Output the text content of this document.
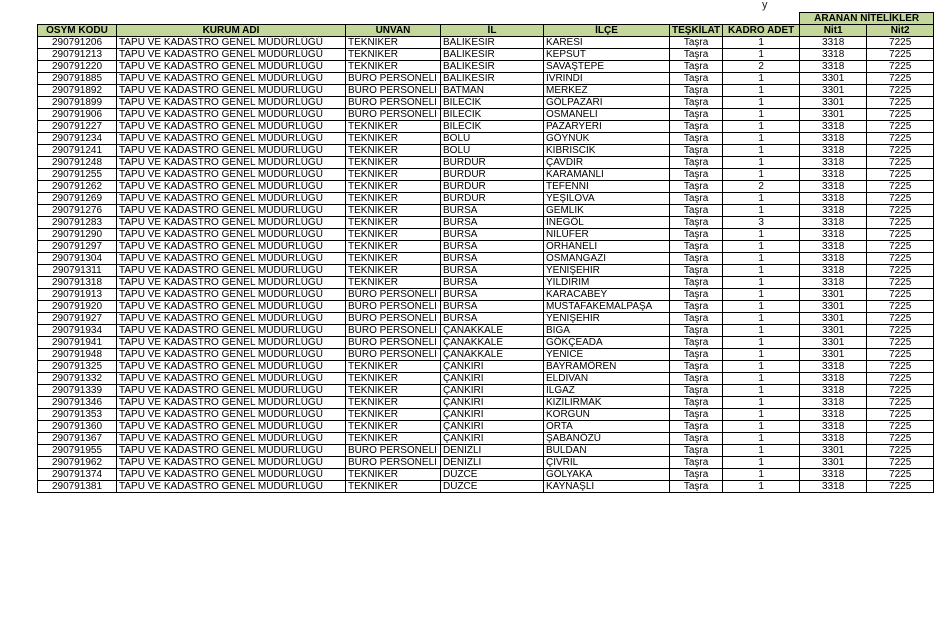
y
							ARANAN NİTELİKLER	
ÖSYM KODU	KURUM ADI	UNVAN	İL	İLÇE	TEŞKİLAT	KADRO ADET	Nit1	Nit2
290791206	TAPU VE KADASTRO GENEL MÜDÜRLÜĞÜ	TEKNİKER	BALIKESİR	KARESİ	Taşra	1	3318	7225
290791213	TAPU VE KADASTRO GENEL MÜDÜRLÜĞÜ	TEKNİKER	BALIKESİR	KEPSUT	Taşra	1	3318	7225
290791220	TAPU VE KADASTRO GENEL MÜDÜRLÜĞÜ	TEKNİKER	BALIKESİR	SAVAŞTEPE	Taşra	2	3318	7225
290791885	TAPU VE KADASTRO GENEL MÜDÜRLÜĞÜ	BÜRO PERSONELİ	BALIKESİR	İVRİNDİ	Taşra	1	3301	7225
290791892	TAPU VE KADASTRO GENEL MÜDÜRLÜĞÜ	BÜRO PERSONELİ	BATMAN	MERKEZ	Taşra	1	3301	7225
290791899	TAPU VE KADASTRO GENEL MÜDÜRLÜĞÜ	BÜRO PERSONELİ	BİLECİK	GÖLPAZARI	Taşra	1	3301	7225
290791906	TAPU VE KADASTRO GENEL MÜDÜRLÜĞÜ	BÜRO PERSONELİ	BİLECİK	OSMANELİ	Taşra	1	3301	7225
290791227	TAPU VE KADASTRO GENEL MÜDÜRLÜĞÜ	TEKNİKER	BİLECİK	PAZARYERİ	Taşra	1	3318	7225
290791234	TAPU VE KADASTRO GENEL MÜDÜRLÜĞÜ	TEKNİKER	BOLU	GÖYNÜK	Taşra	1	3318	7225
290791241	TAPU VE KADASTRO GENEL MÜDÜRLÜĞÜ	TEKNİKER	BOLU	KIBRISCIK	Taşra	1	3318	7225
290791248	TAPU VE KADASTRO GENEL MÜDÜRLÜĞÜ	TEKNİKER	BURDUR	ÇAVDIR	Taşra	1	3318	7225
290791255	TAPU VE KADASTRO GENEL MÜDÜRLÜĞÜ	TEKNİKER	BURDUR	KARAMANLI	Taşra	1	3318	7225
290791262	TAPU VE KADASTRO GENEL MÜDÜRLÜĞÜ	TEKNİKER	BURDUR	TEFENNİ	Taşra	2	3318	7225
290791269	TAPU VE KADASTRO GENEL MÜDÜRLÜĞÜ	TEKNİKER	BURDUR	YEŞİLOVA	Taşra	1	3318	7225
290791276	TAPU VE KADASTRO GENEL MÜDÜRLÜĞÜ	TEKNİKER	BURSA	GEMLİK	Taşra	1	3318	7225
290791283	TAPU VE KADASTRO GENEL MÜDÜRLÜĞÜ	TEKNİKER	BURSA	İNEGÖL	Taşra	3	3318	7225
290791290	TAPU VE KADASTRO GENEL MÜDÜRLÜĞÜ	TEKNİKER	BURSA	NİLÜFER	Taşra	1	3318	7225
290791297	TAPU VE KADASTRO GENEL MÜDÜRLÜĞÜ	TEKNİKER	BURSA	ORHANELİ	Taşra	1	3318	7225
290791304	TAPU VE KADASTRO GENEL MÜDÜRLÜĞÜ	TEKNİKER	BURSA	OSMANGAZİ	Taşra	1	3318	7225
290791311	TAPU VE KADASTRO GENEL MÜDÜRLÜĞÜ	TEKNİKER	BURSA	YENİŞEHİR	Taşra	1	3318	7225
290791318	TAPU VE KADASTRO GENEL MÜDÜRLÜĞÜ	TEKNİKER	BURSA	YILDIRIM	Taşra	1	3318	7225
290791913	TAPU VE KADASTRO GENEL MÜDÜRLÜĞÜ	BÜRO PERSONELİ	BURSA	KARACABEY	Taşra	1	3301	7225
290791920	TAPU VE KADASTRO GENEL MÜDÜRLÜĞÜ	BÜRO PERSONELİ	BURSA	MUSTAFAKEMALPAŞA	Taşra	1	3301	7225
290791927	TAPU VE KADASTRO GENEL MÜDÜRLÜĞÜ	BÜRO PERSONELİ	BURSA	YENİŞEHİR	Taşra	1	3301	7225
290791934	TAPU VE KADASTRO GENEL MÜDÜRLÜĞÜ	BÜRO PERSONELİ	ÇANAKKALE	BİGA	Taşra	1	3301	7225
290791941	TAPU VE KADASTRO GENEL MÜDÜRLÜĞÜ	BÜRO PERSONELİ	ÇANAKKALE	GÖKÇEADA	Taşra	1	3301	7225
290791948	TAPU VE KADASTRO GENEL MÜDÜRLÜĞÜ	BÜRO PERSONELİ	ÇANAKKALE	YENİCE	Taşra	1	3301	7225
290791325	TAPU VE KADASTRO GENEL MÜDÜRLÜĞÜ	TEKNİKER	ÇANKIRI	BAYRAMÖREN	Taşra	1	3318	7225
290791332	TAPU VE KADASTRO GENEL MÜDÜRLÜĞÜ	TEKNİKER	ÇANKIRI	ELDİVAN	Taşra	1	3318	7225
290791339	TAPU VE KADASTRO GENEL MÜDÜRLÜĞÜ	TEKNİKER	ÇANKIRI	ILGAZ	Taşra	1	3318	7225
290791346	TAPU VE KADASTRO GENEL MÜDÜRLÜĞÜ	TEKNİKER	ÇANKIRI	KIZILIRMAK	Taşra	1	3318	7225
290791353	TAPU VE KADASTRO GENEL MÜDÜRLÜĞÜ	TEKNİKER	ÇANKIRI	KORGUN	Taşra	1	3318	7225
290791360	TAPU VE KADASTRO GENEL MÜDÜRLÜĞÜ	TEKNİKER	ÇANKIRI	ORTA	Taşra	1	3318	7225
290791367	TAPU VE KADASTRO GENEL MÜDÜRLÜĞÜ	TEKNİKER	ÇANKIRI	ŞABANÖZÜ	Taşra	1	3318	7225
290791955	TAPU VE KADASTRO GENEL MÜDÜRLÜĞÜ	BÜRO PERSONELİ	DENİZLİ	BULDAN	Taşra	1	3301	7225
290791962	TAPU VE KADASTRO GENEL MÜDÜRLÜĞÜ	BÜRO PERSONELİ	DENİZLİ	ÇİVRİL	Taşra	1	3301	7225
290791374	TAPU VE KADASTRO GENEL MÜDÜRLÜĞÜ	TEKNİKER	DÜZCE	GÖLYAKA	Taşra	1	3318	7225
290791381	TAPU VE KADASTRO GENEL MÜDÜRLÜĞÜ	TEKNİKER	DÜZCE	KAYNAŞLI	Taşra	1	3318	7225
